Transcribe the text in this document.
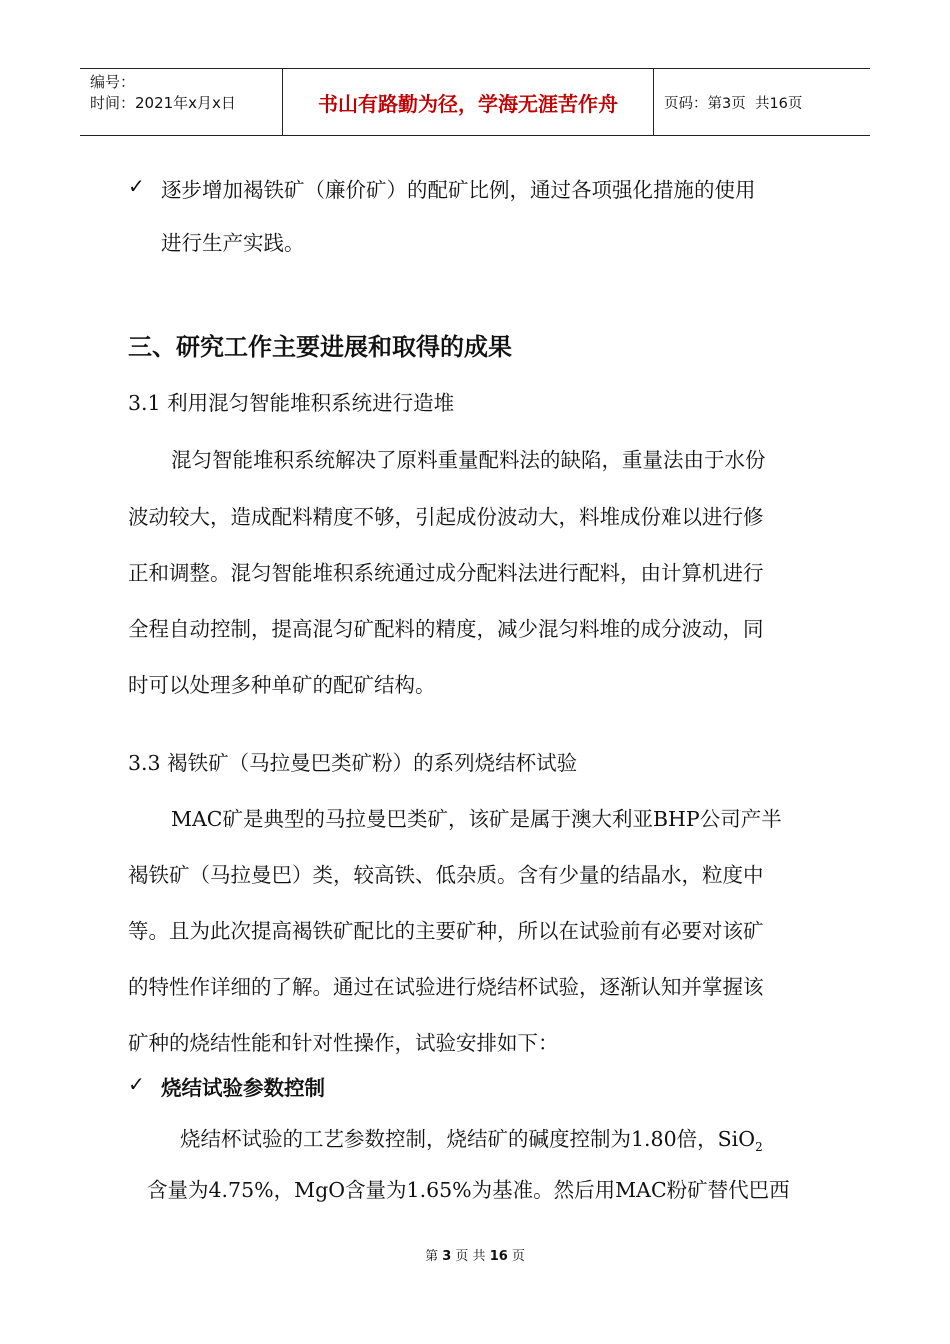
编号：
时间：2021年x月x日	书山有路勤为径，学海无涯苦作舟	页码：第3页  共16页
✓ 逐步增加褐铁矿（廉价矿）的配矿比例，通过各项强化措施的使用
进行生产实践。
三、研究工作主要进展和取得的成果
3.1 利用混匀智能堆积系统进行造堆
混匀智能堆积系统解决了原料重量配料法的缺陷，重量法由于水份
波动较大，造成配料精度不够，引起成份波动大，料堆成份难以进行修
正和调整。混匀智能堆积系统通过成分配料法进行配料，由计算机进行
全程自动控制，提高混匀矿配料的精度，减少混匀料堆的成分波动，同
时可以处理多种单矿的配矿结构。
3.3 褐铁矿（马拉曼巴类矿粉）的系列烧结杯试验
MAC矿是典型的马拉曼巴类矿，该矿是属于澳大利亚BHP公司产半
褐铁矿（马拉曼巴）类，较高铁、低杂质。含有少量的结晶水，粒度中
等。且为此次提高褐铁矿配比的主要矿种，所以在试验前有必要对该矿
的特性作详细的了解。通过在试验进行烧结杯试验，逐渐认知并掌握该
矿种的烧结性能和针对性操作，试验安排如下：
✓ 烧结试验参数控制
烧结杯试验的工艺参数控制，烧结矿的碱度控制为1.80倍，SiO$_2$
含量为4.75%，MgO含量为1.65%为基准。然后用MAC粉矿替代巴西
第 3 页 共 16 页
